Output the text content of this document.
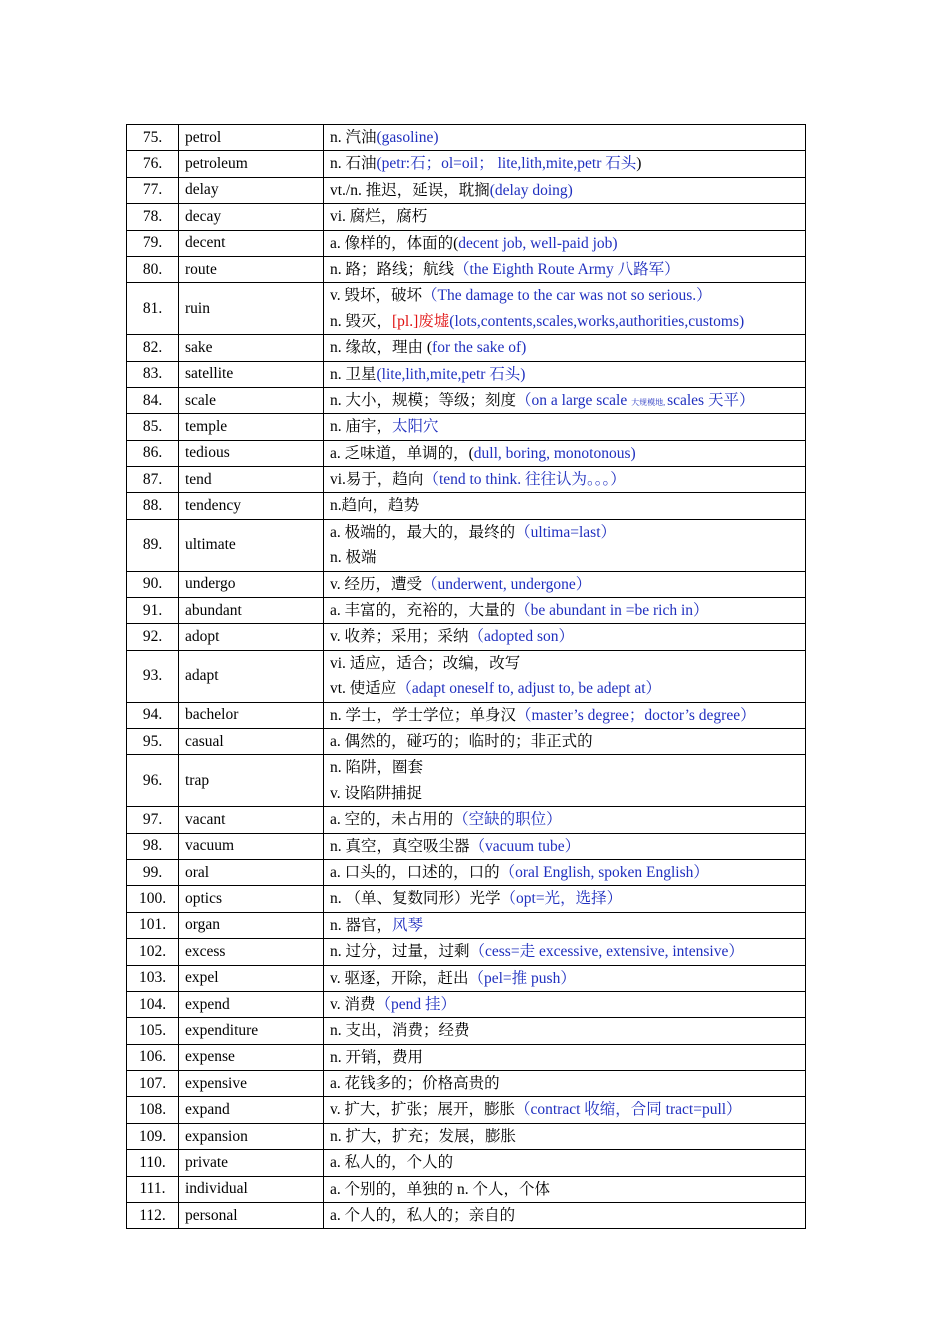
75.	petrol	n. 汽油(gasoline)

76.	petroleum	n. 石油(petr:石；ol=oil； lite,lith,mite,petr 石头)

77.	delay	vt./n. 推迟，延误，耽搁(delay doing)

78.	decay	vi. 腐烂，腐朽

79.	decent	a. 像样的，体面的(decent job, well-paid job)

80.	route	n. 路；路线；航线（the Eighth Route Army 八路军）

81.	ruin	v. 毁坏，破坏（The damage to the car was not so serious.）
n. 毁灭，[pl.]废墟(lots,contents,scales,works,authorities,customs)

82.	sake	n. 缘故，理由 (for the sake of)

83.	satellite	n. 卫星(lite,lith,mite,petr 石头)

84.	scale	n. 大小，规模；等级；刻度（on a large scale 大规模地, scales 天平）

85.	temple	n. 庙宇，太阳穴

86.	tedious	a. 乏味道，单调的，(dull, boring, monotonous)

87.	tend	vi.易于，趋向（tend to think. 往往认为。。。）

88.	tendency	n.趋向，趋势

89.	ultimate	a. 极端的，最大的，最终的（ultima=last）
n. 极端

90.	undergo	v. 经历，遭受（underwent, undergone）

91.	abundant	a. 丰富的，充裕的，大量的（be abundant in =be rich in）

92.	adopt	v. 收养；采用；采纳（adopted son）

93.	adapt	vi. 适应，适合；改编，改写
vt. 使适应（adapt oneself to, adjust to, be adept at）

94.	bachelor	n. 学士，学士学位；单身汉（master’s degree；doctor’s degree）

95.	casual	a. 偶然的，碰巧的；临时的；非正式的

96.	trap	n. 陷阱，圈套
v. 设陷阱捕捉

97.	vacant	a. 空的，未占用的（空缺的职位）

98.	vacuum	n. 真空，真空吸尘器（vacuum tube）

99.	oral	a. 口头的，口述的，口的（oral English, spoken English）

100.	optics	n. （单、复数同形）光学（opt=光，选择）

101.	organ	n. 器官，风琴

102.	excess	n. 过分，过量，过剩（cess=走 excessive, extensive, intensive）

103.	expel	v. 驱逐，开除，赶出（pel=推 push）

104.	expend	v. 消费（pend 挂）

105.	expenditure	n. 支出，消费；经费

106.	expense	n. 开销，费用

107.	expensive	a. 花钱多的；价格高贵的

108.	expand	v. 扩大，扩张；展开，膨胀（contract 收缩，合同 tract=pull）

109.	expansion	n. 扩大，扩充；发展，膨胀

110.	private	a. 私人的，个人的

111.	individual	a. 个别的，单独的 n. 个人，个体

112.	personal	a. 个人的，私人的；亲自的
